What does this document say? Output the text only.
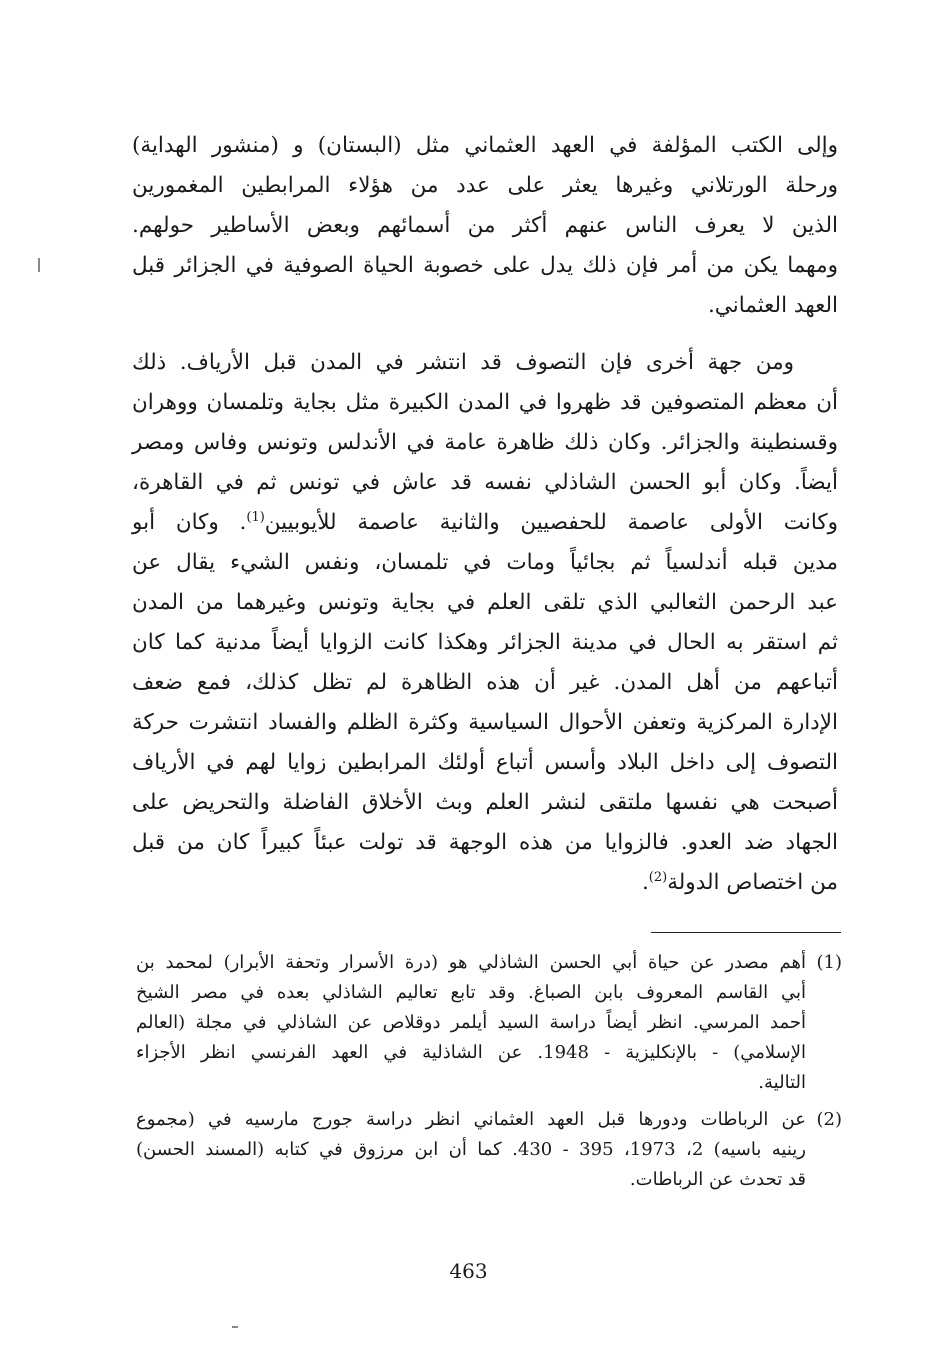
وإلى الكتب المؤلفة في العهد العثماني مثل (البستان) و (منشور الهداية)
ورحلة الورتلاني وغيرها يعثر على عدد من هؤلاء المرابطين المغمورين
الذين لا يعرف الناس عنهم أكثر من أسمائهم وبعض الأساطير حولهم.
ومهما يكن من أمر فإن ذلك يدل على خصوبة الحياة الصوفية في الجزائر قبل
العهد العثماني.

ومن جهة أخرى فإن التصوف قد انتشر في المدن قبل الأرياف. ذلك
أن معظم المتصوفين قد ظهروا في المدن الكبيرة مثل بجاية وتلمسان ووهران
وقسنطينة والجزائر. وكان ذلك ظاهرة عامة في الأندلس وتونس وفاس ومصر
أيضاً. وكان أبو الحسن الشاذلي نفسه قد عاش في تونس ثم في القاهرة،
وكانت الأولى عاصمة للحفصيين والثانية عاصمة للأيوبيين$^{(1)}$. وكان أبو
مدين قبله أندلسياً ثم بجائياً ومات في تلمسان، ونفس الشيء يقال عن
عبد الرحمن الثعالبي الذي تلقى العلم في بجاية وتونس وغيرهما من المدن
ثم استقر به الحال في مدينة الجزائر وهكذا كانت الزوايا أيضاً مدنية كما كان
أتباعهم من أهل المدن. غير أن هذه الظاهرة لم تظل كذلك، فمع ضعف
الإدارة المركزية وتعفن الأحوال السياسية وكثرة الظلم والفساد انتشرت حركة
التصوف إلى داخل البلاد وأسس أتباع أولئك المرابطين زوايا لهم في الأرياف
أصبحت هي نفسها ملتقى لنشر العلم وبث الأخلاق الفاضلة والتحريض على
الجهاد ضد العدو. فالزوايا من هذه الوجهة قد تولت عبئاً كبيراً كان من قبل
من اختصاص الدولة$^{(2)}$.

(1)
أهم مصدر عن حياة أبي الحسن الشاذلي هو (درة الأسرار وتحفة الأبرار) لمحمد بن
أبي القاسم المعروف بابن الصباغ. وقد تابع تعاليم الشاذلي بعده في مصر الشيخ
أحمد المرسي. انظر أيضاً دراسة السيد أيلمر دوقلاص عن الشاذلي في مجلة (العالم
الإسلامي) - بالإنكليزية - 1948. عن الشاذلية في العهد الفرنسي انظر الأجزاء
التالية.
(2)
عن الرباطات ودورها قبل العهد العثماني انظر دراسة جورج مارسيه في (مجموع
رينيه باسيه) 2، 1973، 395 - 430. كما أن ابن مرزوق في كتابه (المسند الحسن)
قد تحدث عن الرباطات.
463
